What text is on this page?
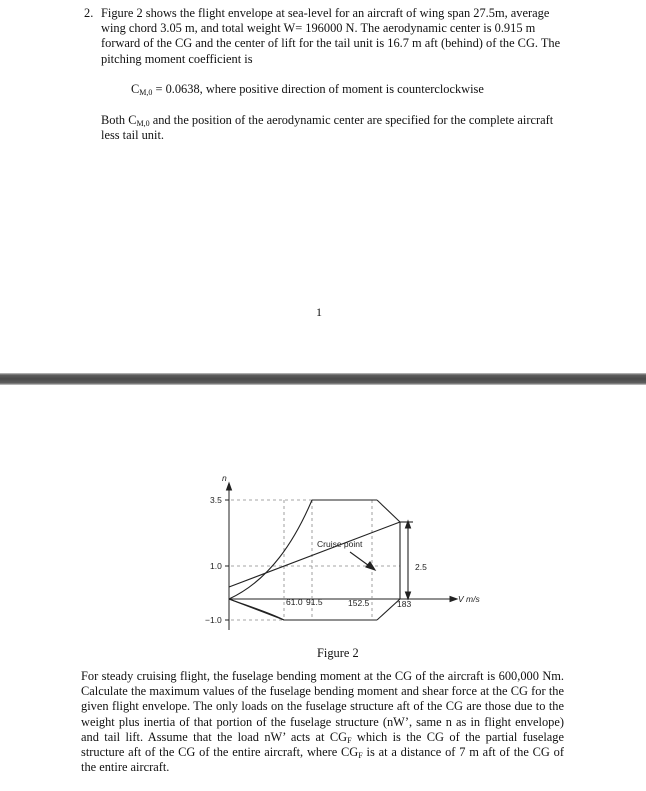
2. Figure 2 shows the flight envelope at sea-level for an aircraft of wing span 27.5m, average wing chord 3.05 m, and total weight W= 196000 N. The aerodynamic center is 0.915 m forward of the CG and the center of lift for the tail unit is 16.7 m aft (behind) of the CG. The pitching moment coefficient is
$C_{M,0} = 0.0638$, where positive direction of moment is counterclockwise
Both $C_{M,0}$ and the position of the aerodynamic center are specified for the complete aircraft less tail unit.
1
n
3.5
1.0
−1.0
61.0 91.5	152.5	183	V m/s
Cruise point
2.5
Figure 2
For steady cruising flight, the fuselage bending moment at the CG of the aircraft is 600,000 Nm. Calculate the maximum values of the fuselage bending moment and shear force at the CG for the given flight envelope. The only loads on the fuselage structure aft of the CG are those due to the weight plus inertia of that portion of the fuselage structure (nW’, same n as in flight envelope) and tail lift. Assume that the load nW’ acts at $CG_F$ which is the CG of the partial fuselage structure aft of the CG of the entire aircraft, where $CG_F$ is at a distance of 7 m aft of the CG of the entire aircraft.
